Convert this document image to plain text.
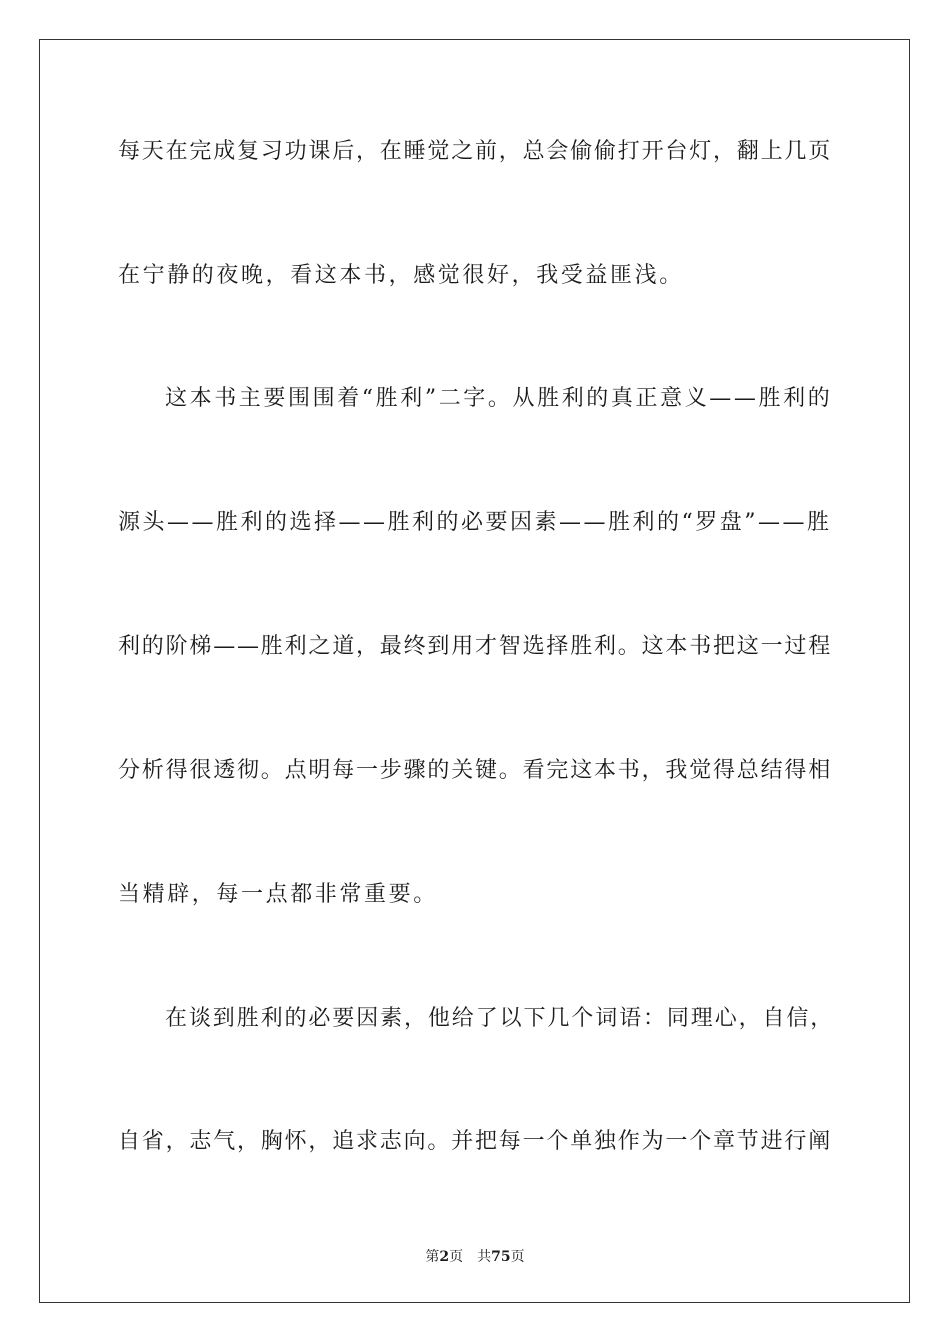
每天在完成复习功课后，在睡觉之前，总会偷偷打开台灯，翻上几页
在宁静的夜晚，看这本书，感觉很好，我受益匪浅。
这本书主要围围着“胜利”二字。从胜利的真正意义——胜利的
源头——胜利的选择——胜利的必要因素——胜利的“罗盘”——胜
利的阶梯——胜利之道，最终到用才智选择胜利。这本书把这一过程
分析得很透彻。点明每一步骤的关键。看完这本书，我觉得总结得相
当精辟，每一点都非常重要。
在谈到胜利的必要因素，他给了以下几个词语：同理心，自信，
自省，志气，胸怀，追求志向。并把每一个单独作为一个章节进行阐
第2页 共75页
